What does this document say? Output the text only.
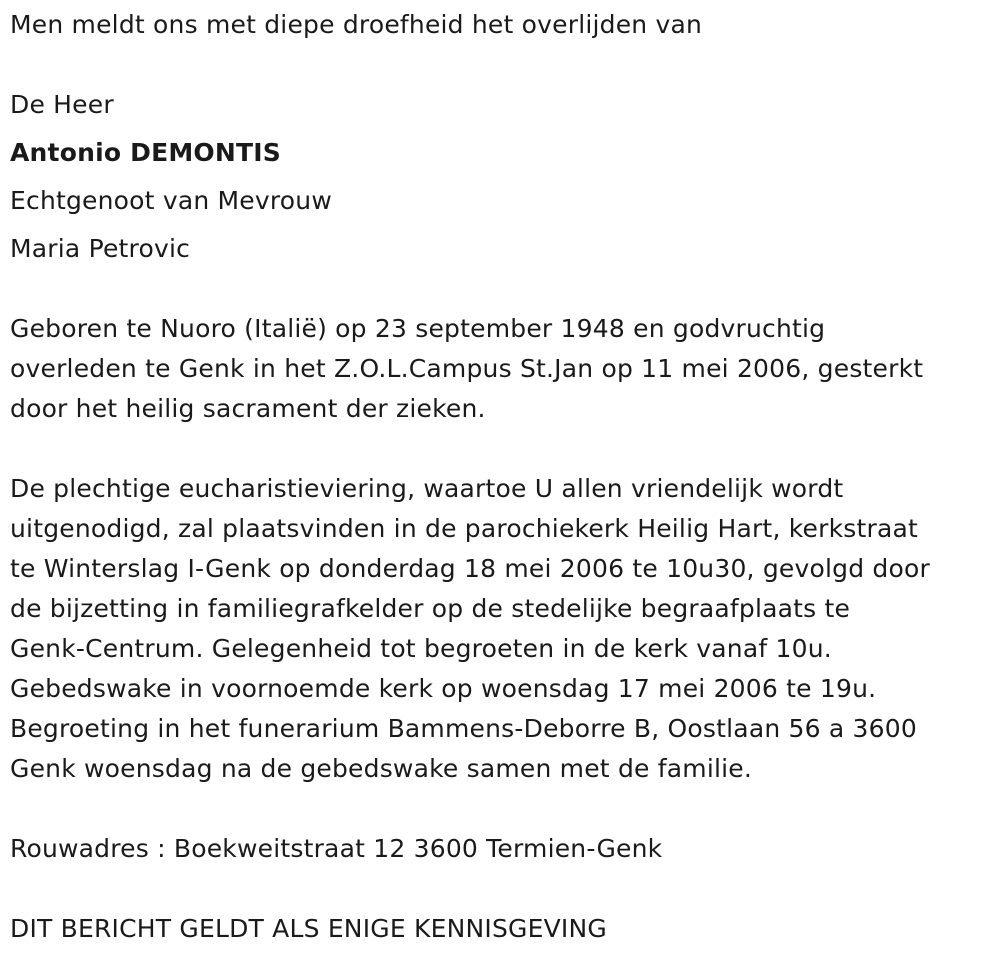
Men meldt ons met diepe droefheid het overlijden van
De Heer
Antonio DEMONTIS
Echtgenoot van Mevrouw
Maria Petrovic
Geboren te Nuoro (Italië) op 23 september 1948 en godvruchtig
overleden te Genk in het Z.O.L.Campus St.Jan op 11 mei 2006, gesterkt
door het heilig sacrament der zieken.
De plechtige eucharistieviering, waartoe U allen vriendelijk wordt
uitgenodigd, zal plaatsvinden in de parochiekerk Heilig Hart, kerkstraat
te Winterslag I-Genk op donderdag 18 mei 2006 te 10u30, gevolgd door
de bijzetting in familiegrafkelder op de stedelijke begraafplaats te
Genk-Centrum. Gelegenheid tot begroeten in de kerk vanaf 10u.
Gebedswake in voornoemde kerk op woensdag 17 mei 2006 te 19u.
Begroeting in het funerarium Bammens-Deborre B, Oostlaan 56 a 3600
Genk woensdag na de gebedswake samen met de familie.
Rouwadres : Boekweitstraat 12 3600 Termien-Genk
DIT BERICHT GELDT ALS ENIGE KENNISGEVING
